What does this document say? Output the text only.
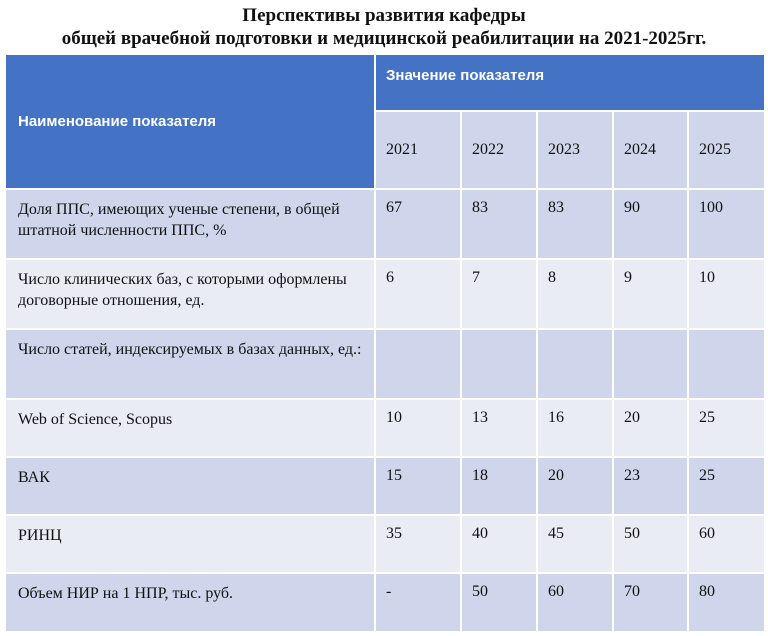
Перспективы развития кафедры
общей врачебной подготовки и медицинской реабилитации на 2021-2025гг.
Наименование показателя	Значение показателя				
	2021	2022	2023	2024	2025
Доля ППС, имеющих ученые степени, в общей штатной численности ППС, %	67	83	83	90	100
Число клинических баз, с которыми оформлены договорные отношения, ед.	6	7	8	9	10
Число статей, индексируемых в базах данных, ед.:					
Web of Science, Scopus	10	13	16	20	25
ВАК	15	18	20	23	25
РИНЦ	35	40	45	50	60
Объем НИР на 1 НПР, тыс. руб.	-	50	60	70	80
